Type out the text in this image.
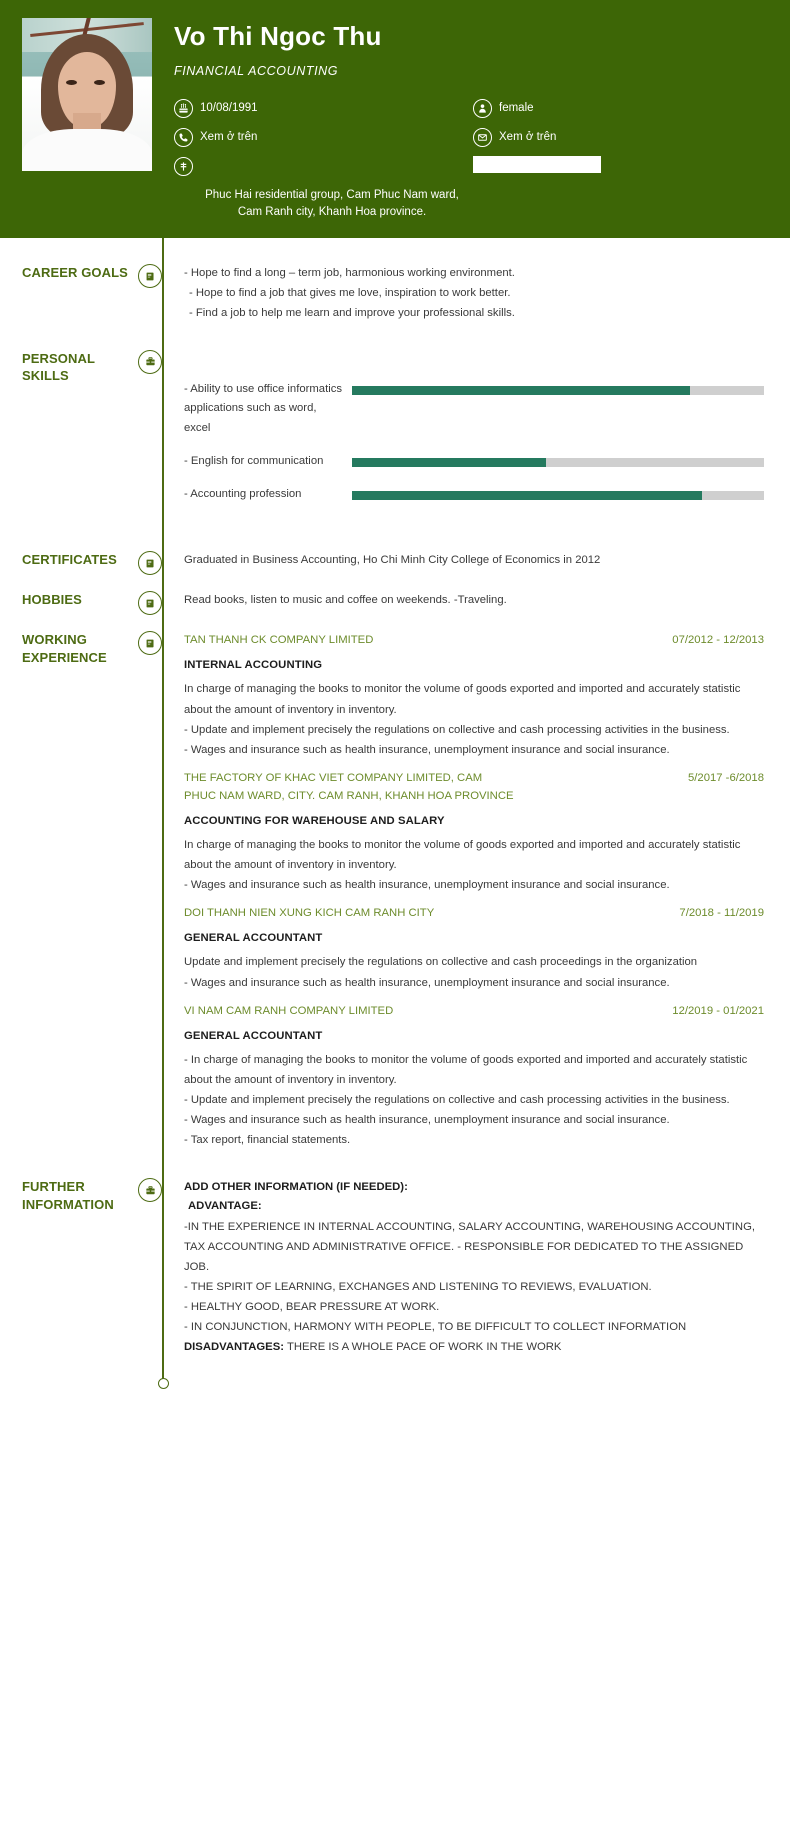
Vo Thi Ngoc Thu
FINANCIAL ACCOUNTING
10/08/1991	female
Xem ở trên	Xem ở trên
Phuc Hai residential group, Cam Phuc Nam ward, Cam Ranh city, Khanh Hoa province.
CAREER GOALS	- Hope to find a long – term job, harmonious working environment.
- Hope to find a job that gives me love, inspiration to work better.
- Find a job to help me learn and improve your professional skills.
PERSONAL
SKILLS
- Ability to use office informatics applications such as word, excel
- English for communication
- Accounting profession
CERTIFICATES	Graduated in Business Accounting, Ho Chi Minh City College of Economics in 2012
HOBBIES	Read books, listen to music and coffee on weekends. -Traveling.
WORKING
EXPERIENCE
TAN THANH CK COMPANY LIMITED	07/2012 - 12/2013
INTERNAL ACCOUNTING
In charge of managing the books to monitor the volume of goods exported and imported and accurately statistic about the amount of inventory in inventory.
- Update and implement precisely the regulations on collective and cash processing activities in the business.
- Wages and insurance such as health insurance, unemployment insurance and social insurance.
THE FACTORY OF KHAC VIET COMPANY LIMITED, CAM PHUC NAM WARD, CITY. CAM RANH, KHANH HOA PROVINCE
5/2017 -6/2018
ACCOUNTING FOR WAREHOUSE AND SALARY
In charge of managing the books to monitor the volume of goods exported and imported and accurately statistic about the amount of inventory in inventory.
- Wages and insurance such as health insurance, unemployment insurance and social insurance.
DOI THANH NIEN XUNG KICH CAM RANH CITY	7/2018 - 11/2019
GENERAL ACCOUNTANT
Update and implement precisely the regulations on collective and cash proceedings in the organization
- Wages and insurance such as health insurance, unemployment insurance and social insurance.
VI NAM CAM RANH COMPANY LIMITED	12/2019 - 01/2021
GENERAL ACCOUNTANT
- In charge of managing the books to monitor the volume of goods exported and imported and accurately statistic about the amount of inventory in inventory.
- Update and implement precisely the regulations on collective and cash processing activities in the business.
- Wages and insurance such as health insurance, unemployment insurance and social insurance.
- Tax report, financial statements.
FURTHER
INFORMATION
ADD OTHER INFORMATION (IF NEEDED):
ADVANTAGE:
-IN THE EXPERIENCE IN INTERNAL ACCOUNTING, SALARY ACCOUNTING, WAREHOUSING ACCOUNTING, TAX ACCOUNTING AND ADMINISTRATIVE OFFICE. - RESPONSIBLE FOR DEDICATED TO THE ASSIGNED JOB.
- THE SPIRIT OF LEARNING, EXCHANGES AND LISTENING TO REVIEWS, EVALUATION.
- HEALTHY GOOD, BEAR PRESSURE AT WORK.
- IN CONJUNCTION, HARMONY WITH PEOPLE, TO BE DIFFICULT TO COLLECT INFORMATION
DISADVANTAGES: THERE IS A WHOLE PACE OF WORK IN THE WORK
